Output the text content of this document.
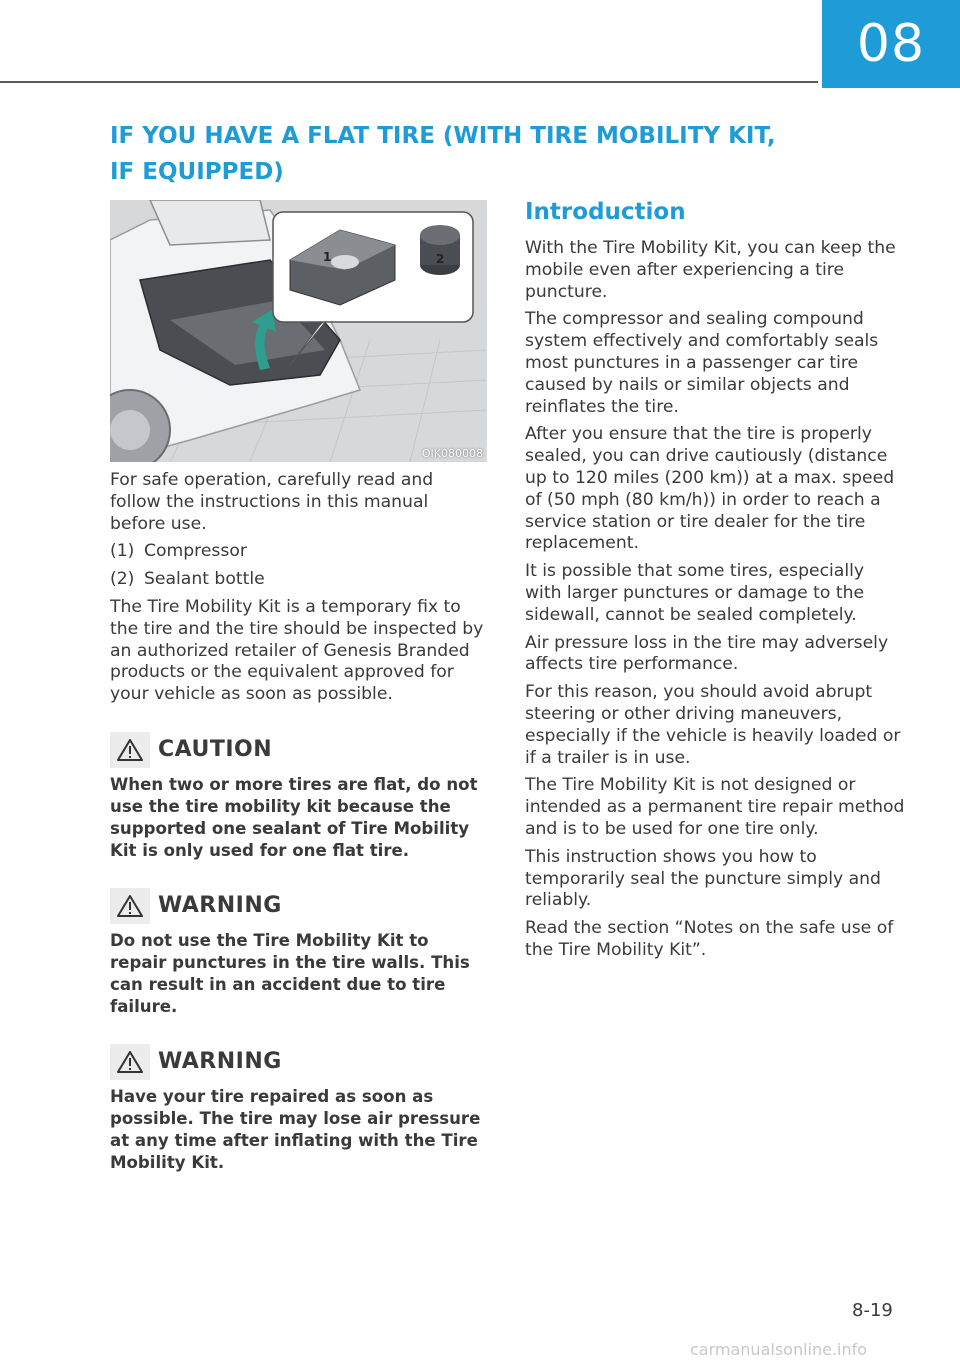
08
IF YOU HAVE A FLAT TIRE (WITH TIRE MOBILITY KIT,
IF EQUIPPED)
1	2
OIK080008

For safe operation, carefully read and follow the instructions in this manual before use.

(1) Compressor
(2) Sealant bottle

The Tire Mobility Kit is a temporary fix to the tire and the tire should be inspected by an authorized retailer of Genesis Branded products or the equivalent approved for your vehicle as soon as possible.

CAUTION

When two or more tires are flat, do not use the tire mobility kit because the supported one sealant of Tire Mobility Kit is only used for one flat tire.

WARNING

Do not use the Tire Mobility Kit to repair punctures in the tire walls. This can result in an accident due to tire failure.

WARNING

Have your tire repaired as soon as possible. The tire may lose air pressure at any time after inflating with the Tire Mobility Kit.

Introduction

With the Tire Mobility Kit, you can keep the mobile even after experiencing a tire puncture.

The compressor and sealing compound system effectively and comfortably seals most punctures in a passenger car tire caused by nails or similar objects and reinflates the tire.

After you ensure that the tire is properly sealed, you can drive cautiously (distance up to 120 miles (200 km)) at a max. speed of (50 mph (80 km/h)) in order to reach a service station or tire dealer for the tire replacement.

It is possible that some tires, especially with larger punctures or damage to the sidewall, cannot be sealed completely.

Air pressure loss in the tire may adversely affects tire performance.

For this reason, you should avoid abrupt steering or other driving maneuvers, especially if the vehicle is heavily loaded or if a trailer is in use.

The Tire Mobility Kit is not designed or intended as a permanent tire repair method and is to be used for one tire only.

This instruction shows you how to temporarily seal the puncture simply and reliably.

Read the section “Notes on the safe use of the Tire Mobility Kit”.

8-19
carmanualsonline.info
